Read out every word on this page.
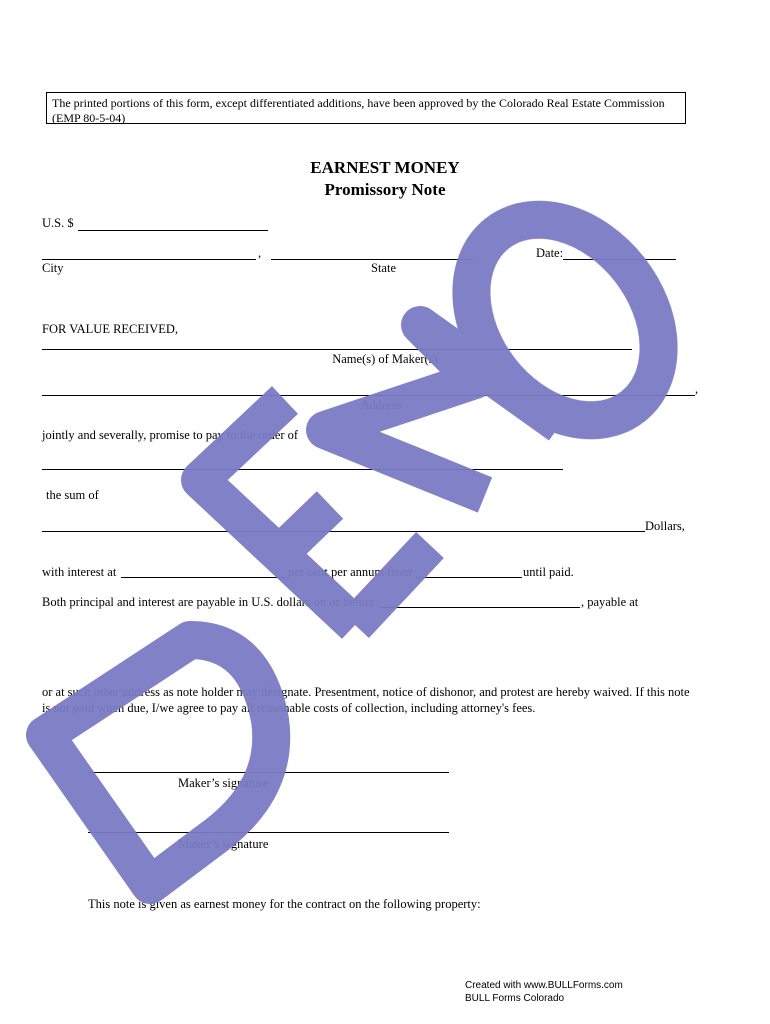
The printed portions of this form, except differentiated additions, have been approved by the Colorado Real Estate Commission (EMP 80-5-04)
EARNEST MONEY
Promissory Note
U.S. $
,
City	State
Date:
FOR VALUE RECEIVED,
Name(s) of Maker(s)
,
Address
jointly and severally, promise to pay to the order of
the sum of
Dollars,
with interest at	per cent per annum from	until paid.
Both principal and interest are payable in U.S. dollars on or before	, payable at
or at such other address as note holder may designate. Presentment, notice of dishonor, and protest are hereby waived. If this note is not paid when due, I/we agree to pay all reasonable costs of collection, including attorney's fees.
Maker’s signature
Maker’s signature
This note is given as earnest money for the contract on the following property:
Created with www.BULLForms.com
BULL Forms Colorado
